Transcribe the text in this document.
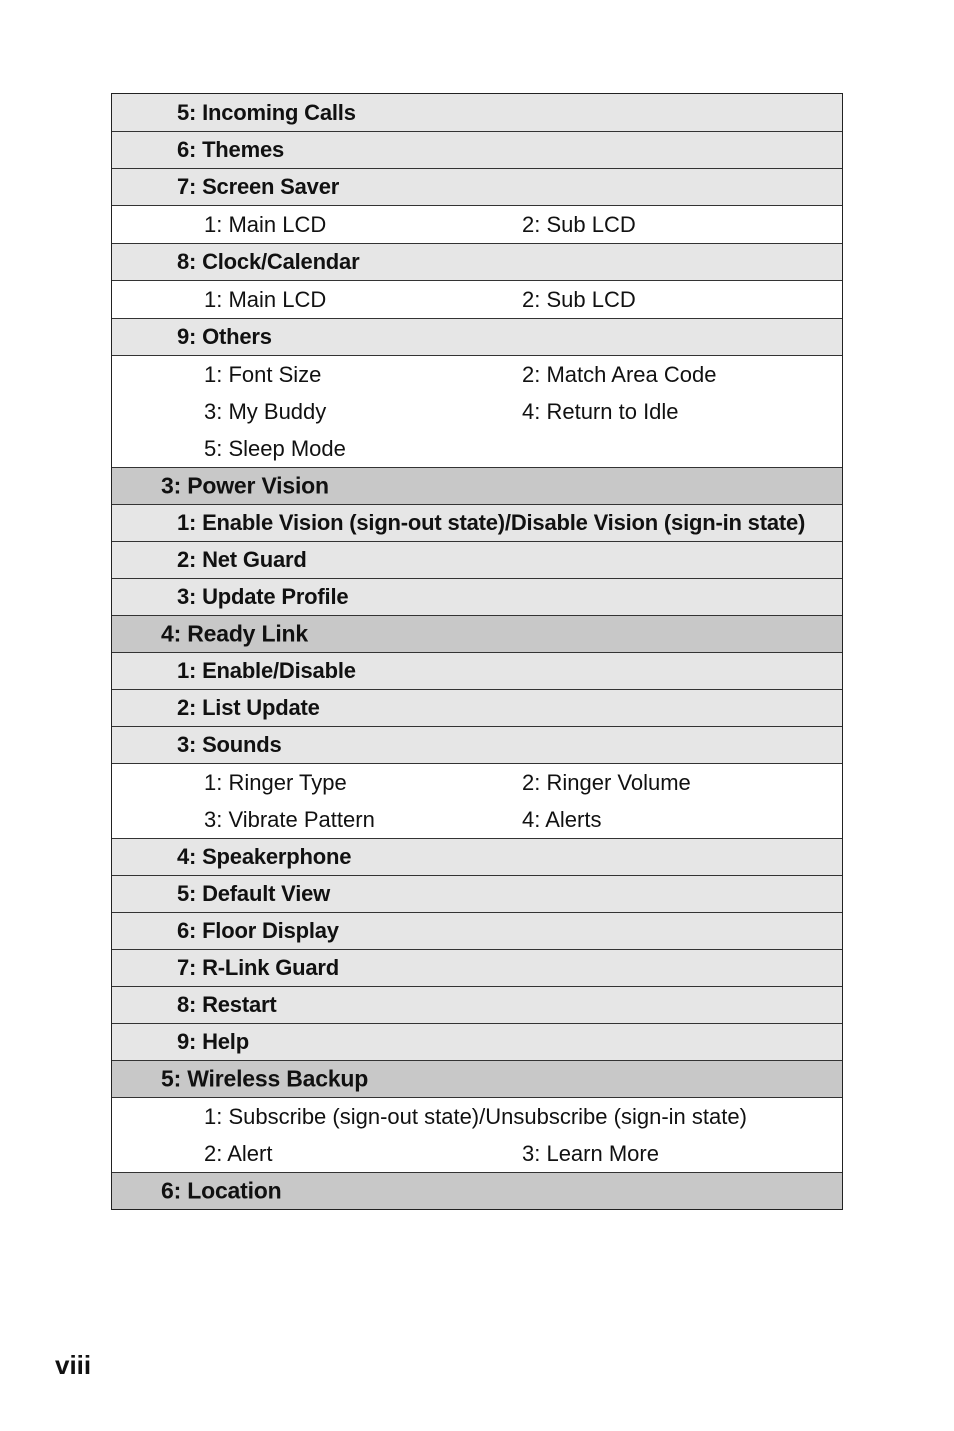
5: Incoming Calls
6: Themes
7: Screen Saver
1: Main LCD	2: Sub LCD
8: Clock/Calendar
1: Main LCD	2: Sub LCD
9: Others
1: Font Size	2: Match Area Code
3: My Buddy	4: Return to Idle
5: Sleep Mode
3: Power Vision
1: Enable Vision (sign-out state)/Disable Vision (sign-in state)
2: Net Guard
3: Update Profile
4: Ready Link
1: Enable/Disable
2: List Update
3: Sounds
1: Ringer Type	2: Ringer Volume
3: Vibrate Pattern	4: Alerts
4: Speakerphone
5: Default View
6: Floor Display
7: R-Link Guard
8: Restart
9: Help
5: Wireless Backup
1: Subscribe (sign-out state)/Unsubscribe (sign-in state)
2: Alert	3: Learn More
6: Location
viii
